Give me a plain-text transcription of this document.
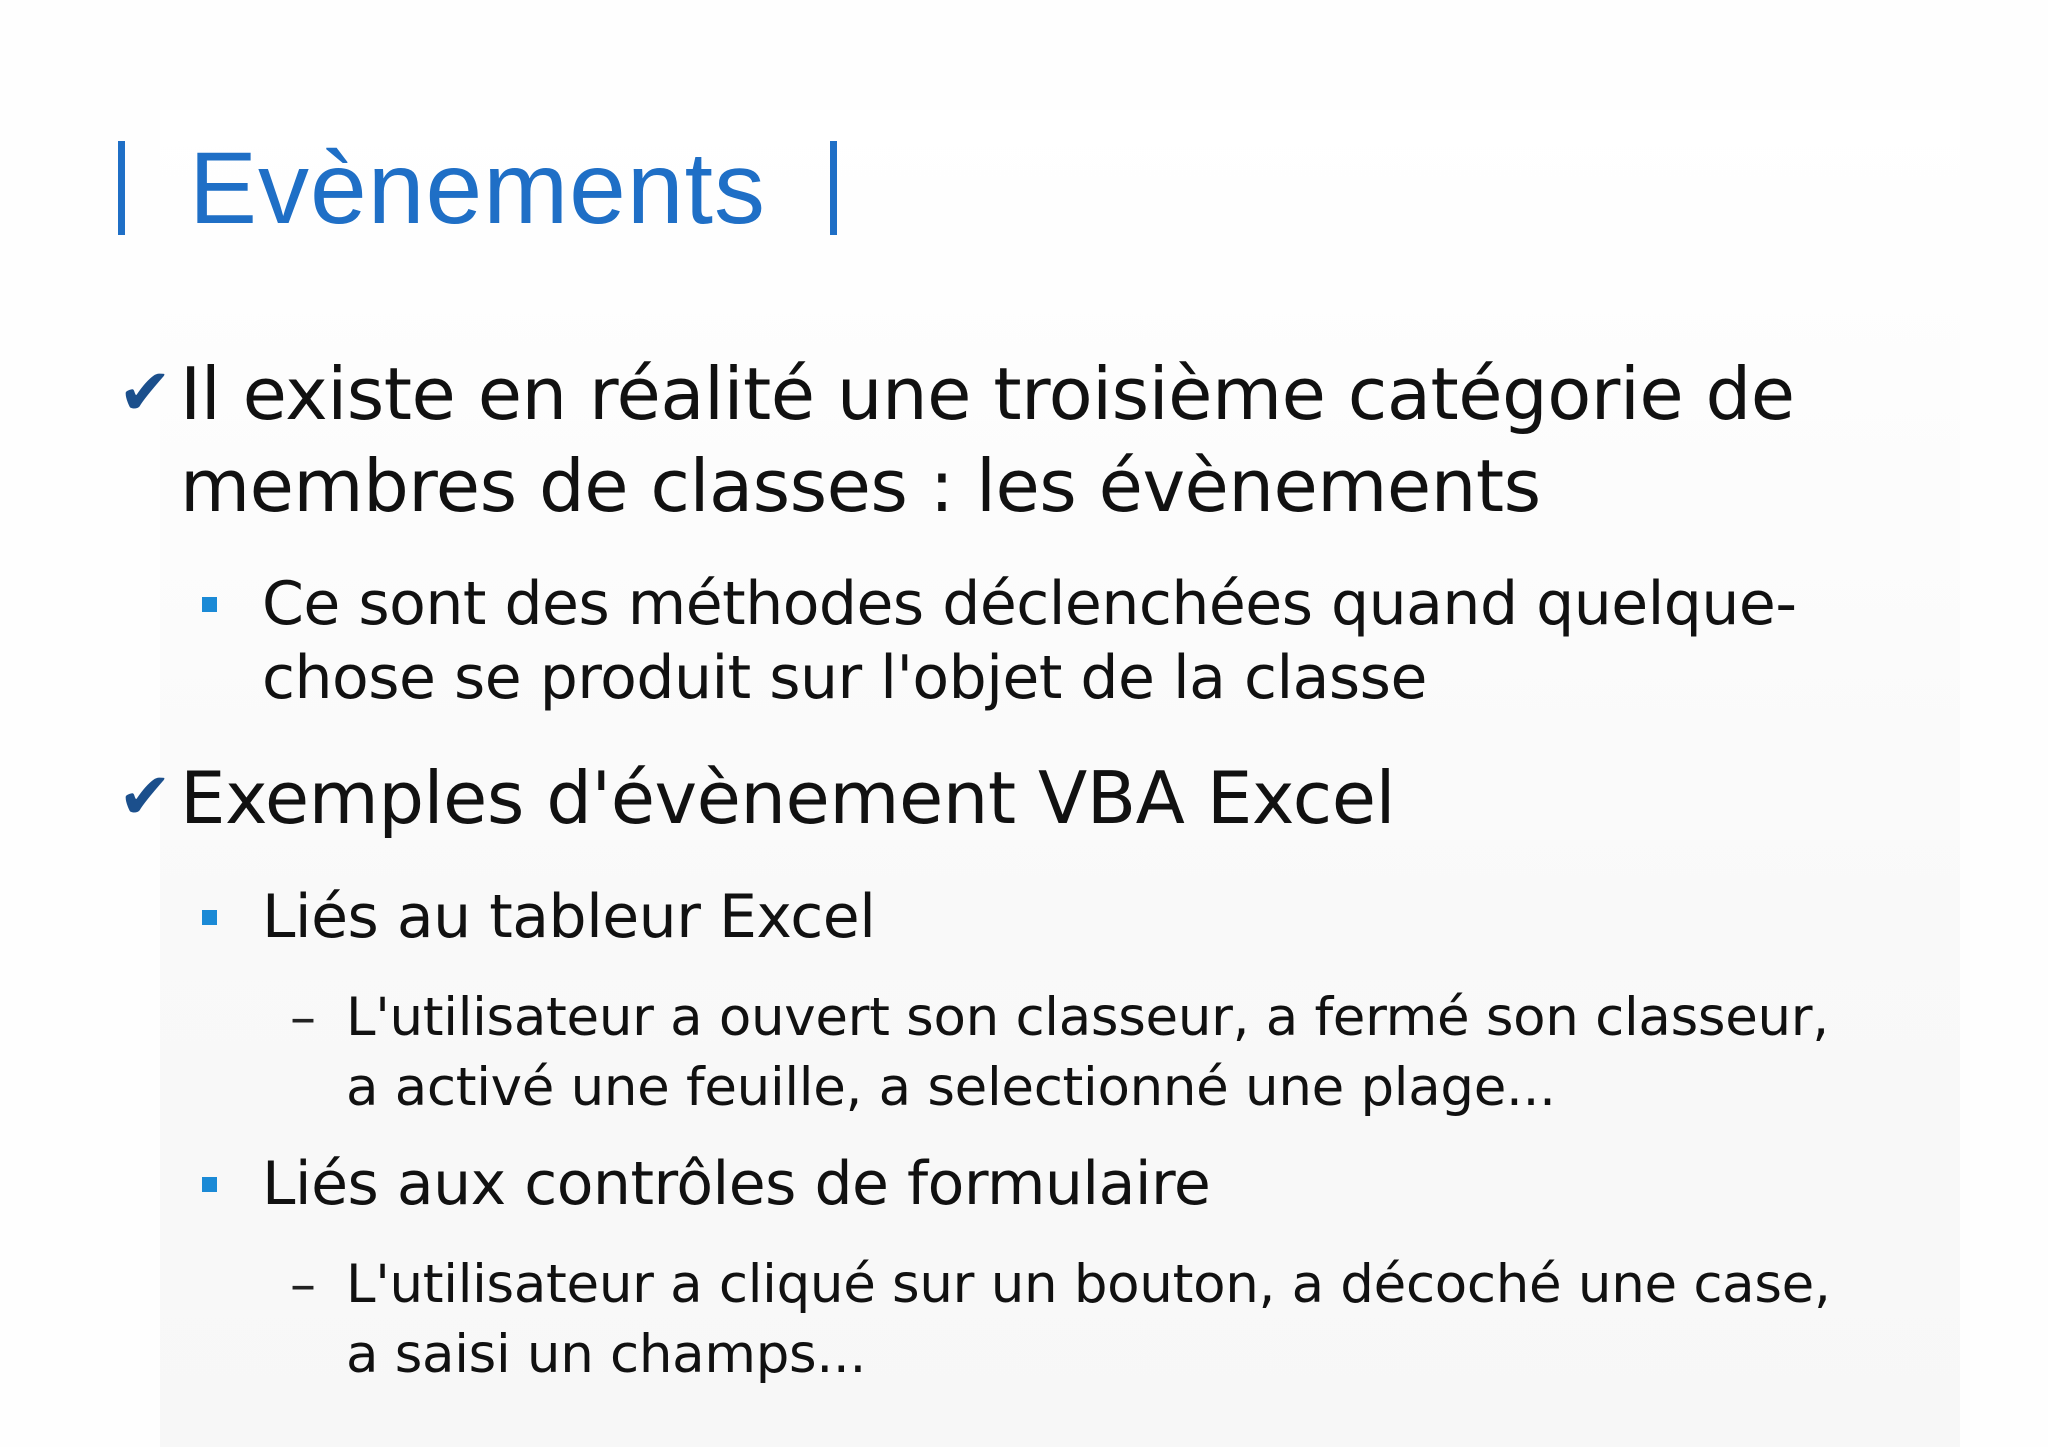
Evènements
✔ Il existe en réalité une troisième catégorie de membres de classes : les évènements
Ce sont des méthodes déclenchées quand quelque-chose se produit sur l'objet de la classe
✔ Exemples d'évènement VBA Excel
Liés au tableur Excel
– L'utilisateur a ouvert son classeur, a fermé son classeur, a activé une feuille, a selectionné une plage...
Liés aux contrôles de formulaire
– L'utilisateur a cliqué sur un bouton, a décoché une case, a saisi un champs...
